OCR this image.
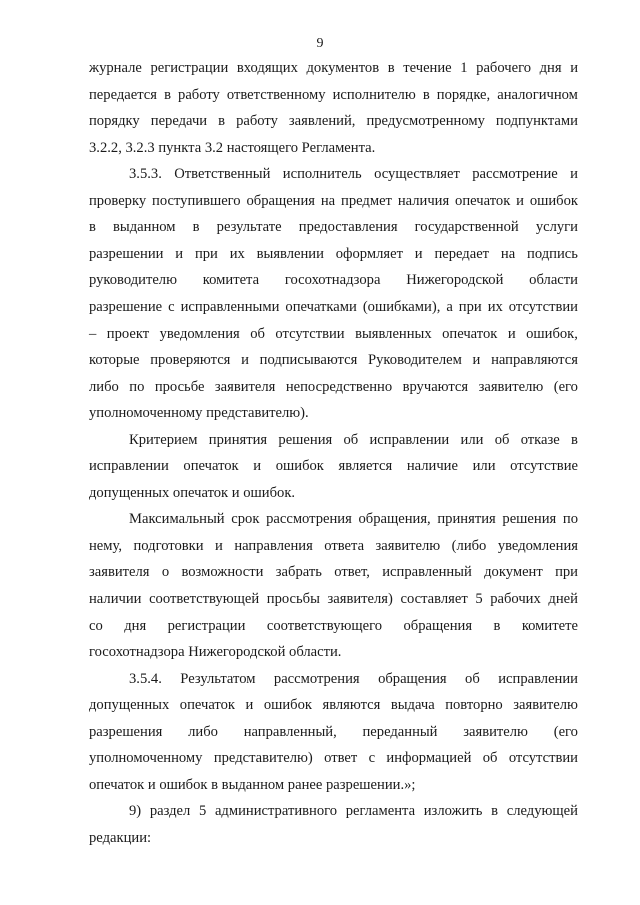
9
журнале регистрации входящих документов в течение 1 рабочего дня и
передается в работу ответственному исполнителю в порядке, аналогичном
порядку передачи в работу заявлений, предусмотренному подпунктами
3.2.2, 3.2.3 пункта 3.2 настоящего Регламента.
3.5.3. Ответственный исполнитель осуществляет рассмотрение и
проверку поступившего обращения на предмет наличия опечаток и ошибок
в выданном в результате предоставления государственной услуги
разрешении и при их выявлении оформляет и передает на подпись
руководителю комитета госохотнадзора Нижегородской области
разрешение с исправленными опечатками (ошибками), а при их отсутствии
– проект уведомления об отсутствии выявленных опечаток и ошибок,
которые проверяются и подписываются Руководителем и направляются
либо по просьбе заявителя непосредственно вручаются заявителю (его
уполномоченному представителю).
Критерием принятия решения об исправлении или об отказе в
исправлении опечаток и ошибок является наличие или отсутствие
допущенных опечаток и ошибок.
Максимальный срок рассмотрения обращения, принятия решения по
нему, подготовки и направления ответа заявителю (либо уведомления
заявителя о возможности забрать ответ, исправленный документ при
наличии соответствующей просьбы заявителя) составляет 5 рабочих дней
со дня регистрации соответствующего обращения в комитете
госохотнадзора Нижегородской области.
3.5.4. Результатом рассмотрения обращения об исправлении
допущенных опечаток и ошибок являются выдача повторно заявителю
разрешения либо направленный, переданный заявителю (его
уполномоченному представителю) ответ с информацией об отсутствии
опечаток и ошибок в выданном ранее разрешении.»;
9) раздел 5 административного регламента изложить в следующей
редакции:
